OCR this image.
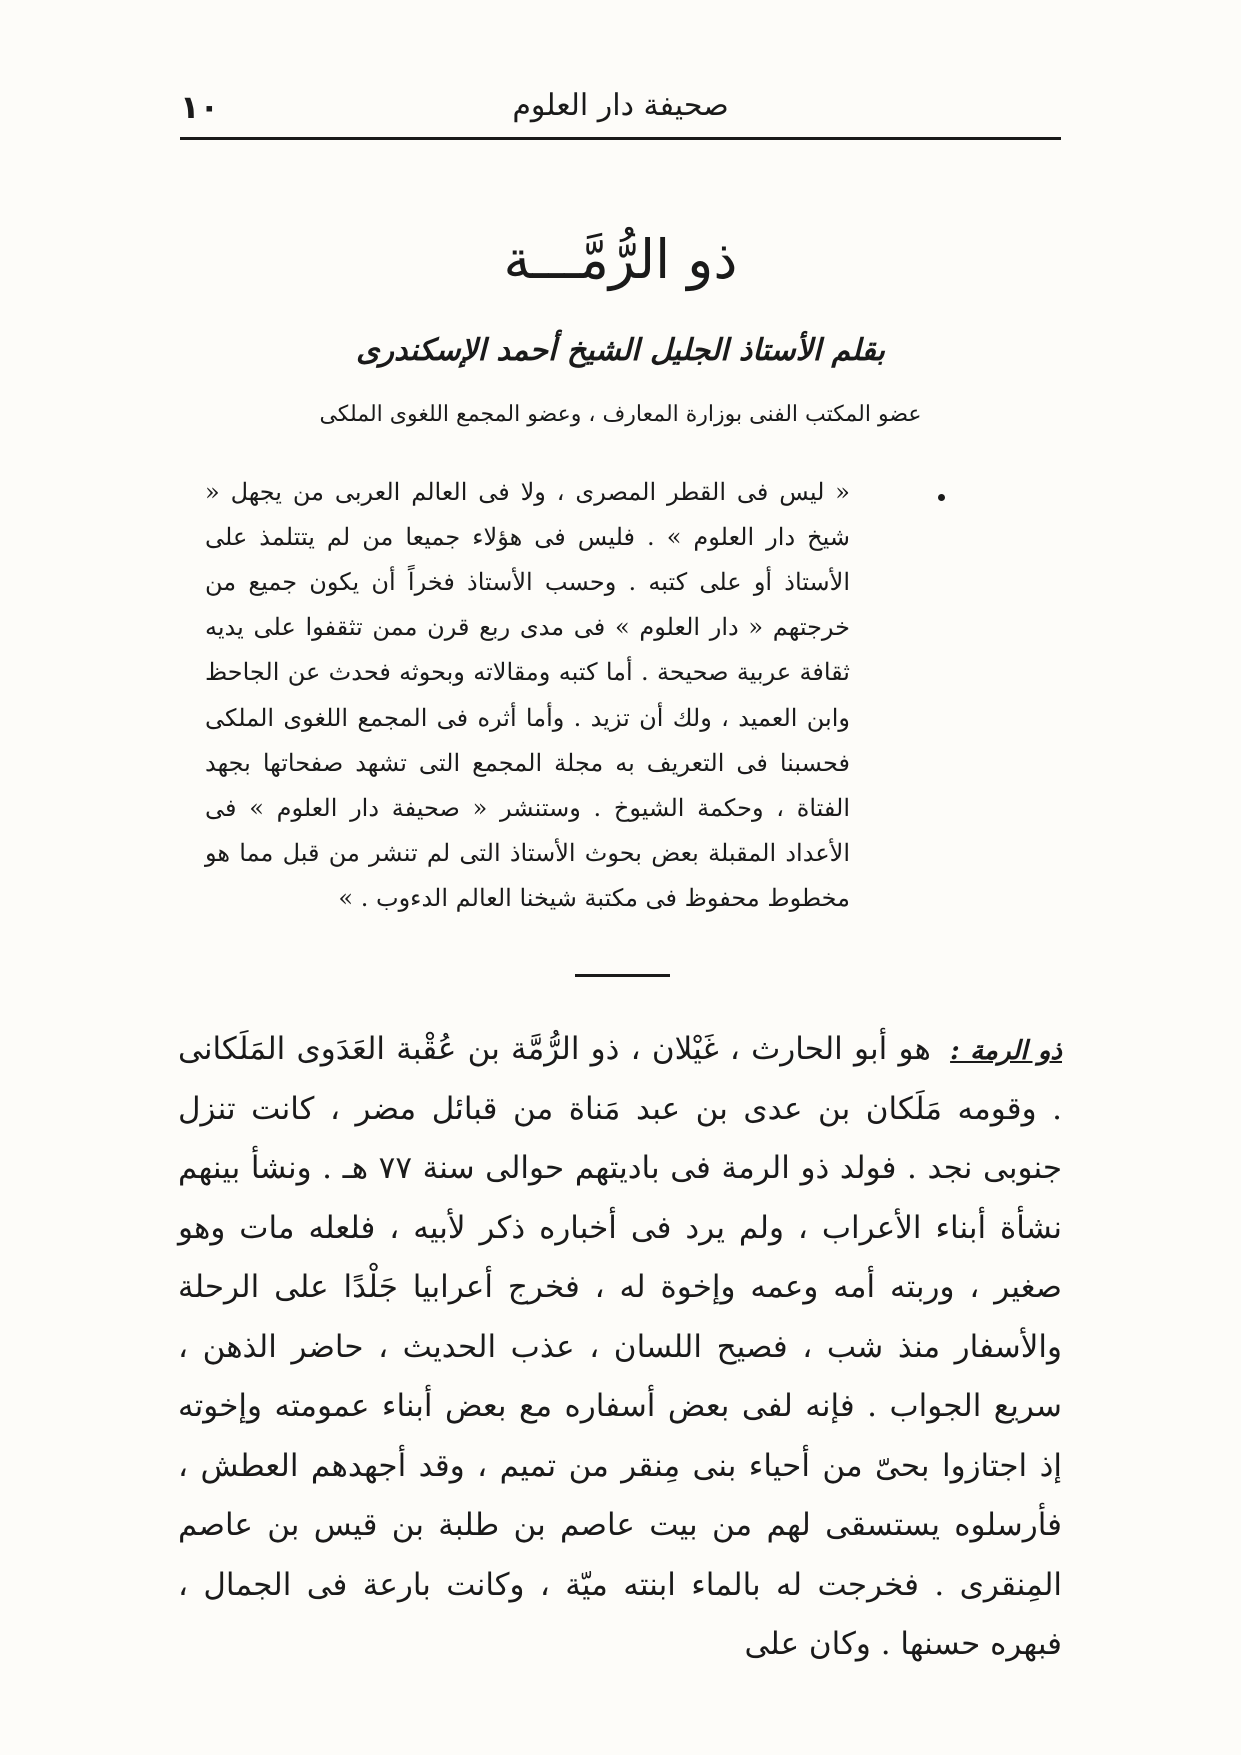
صحيفة دار العلوم
١٠
ذو الرُّمَّـــة
بقلم الأستاذ الجليل الشيخ أحمد الإسكندرى
عضو المكتب الفنى بوزارة المعارف ، وعضو المجمع اللغوى الملكى
« ليس فى القطر المصرى ، ولا فى العالم العربى من يجهل « شيخ دار العلوم » . فليس فى هؤلاء جميعا من لم يتتلمذ على الأستاذ أو على كتبه . وحسب الأستاذ فخراً أن يكون جميع من خرجتهم « دار العلوم » فى مدى ربع قرن ممن تثقفوا على يديه ثقافة عربية صحيحة . أما كتبه ومقالاته وبحوثه فحدث عن الجاحظ وابن العميد ، ولك أن تزيد . وأما أثره فى المجمع اللغوى الملكى فحسبنا فى التعريف به مجلة المجمع التى تشهد صفحاتها بجهد الفتاة ، وحكمة الشيوخ . وستنشر « صحيفة دار العلوم » فى الأعداد المقبلة بعض بحوث الأستاذ التى لم تنشر من قبل مما هو مخطوط محفوظ فى مكتبة شيخنا العالم الدءوب . »
ذو الرمة : هو أبو الحارث ، غَيْلان ، ذو الرُّمَّة بن عُقْبة العَدَوى المَلَكانى . وقومه مَلَكان بن عدى بن عبد مَناة من قبائل مضر ، كانت تنزل جنوبى نجد . فولد ذو الرمة فى باديتهم حوالى سنة ٧٧ هـ . ونشأ بينهم نشأة أبناء الأعراب ، ولم يرد فى أخباره ذكر لأبيه ، فلعله مات وهو صغير ، وربته أمه وعمه وإخوة له ، فخرج أعرابيا جَلْدًا على الرحلة والأسفار منذ شب ، فصيح اللسان ، عذب الحديث ، حاضر الذهن ، سريع الجواب . فإنه لفى بعض أسفاره مع بعض أبناء عمومته وإخوته إذ اجتازوا بحىّ من أحياء بنى مِنقر من تميم ، وقد أجهدهم العطش ، فأرسلوه يستسقى لهم من بيت عاصم بن طلبة بن قيس بن عاصم المِنقرى . فخرجت له بالماء ابنته ميّة ، وكانت بارعة فى الجمال ، فبهره حسنها . وكان على
